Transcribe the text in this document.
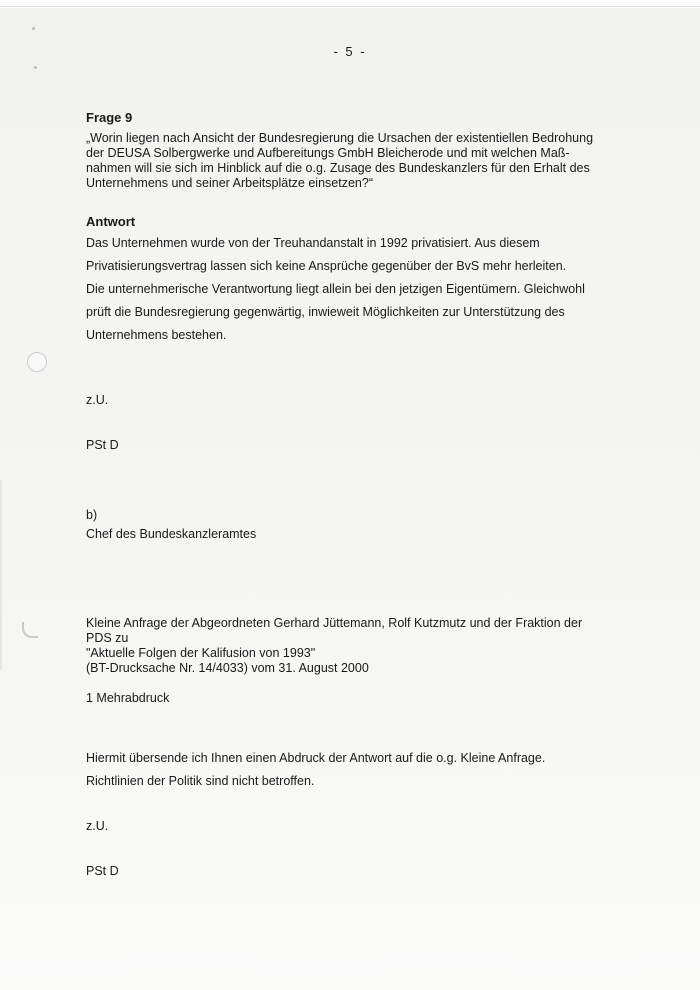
- 5 -
Frage 9
„Worin liegen nach Ansicht der Bundesregierung die Ursachen der existentiellen Bedrohung
der DEUSA Solbergwerke und Aufbereitungs GmbH Bleicherode und mit welchen Maß-
nahmen will sie sich im Hinblick auf die o.g. Zusage des Bundeskanzlers für den Erhalt des
Unternehmens und seiner Arbeitsplätze einsetzen?“
Antwort
Das Unternehmen wurde von der Treuhandanstalt in 1992 privatisiert. Aus diesem
Privatisierungsvertrag lassen sich keine Ansprüche gegenüber der BvS mehr herleiten.
Die unternehmerische Verantwortung liegt allein bei den jetzigen Eigentümern. Gleichwohl
prüft die Bundesregierung gegenwärtig, inwieweit Möglichkeiten zur Unterstützung des
Unternehmens bestehen.
z.U.
PSt D
b)
Chef des Bundeskanzleramtes
Kleine Anfrage der Abgeordneten Gerhard Jüttemann, Rolf Kutzmutz und der Fraktion der
PDS zu
"Aktuelle Folgen der Kalifusion von 1993"
(BT-Drucksache Nr. 14/4033) vom 31. August 2000
1 Mehrabdruck
Hiermit übersende ich Ihnen einen Abdruck der Antwort auf die o.g. Kleine Anfrage.
Richtlinien der Politik sind nicht betroffen.
z.U.
PSt D
